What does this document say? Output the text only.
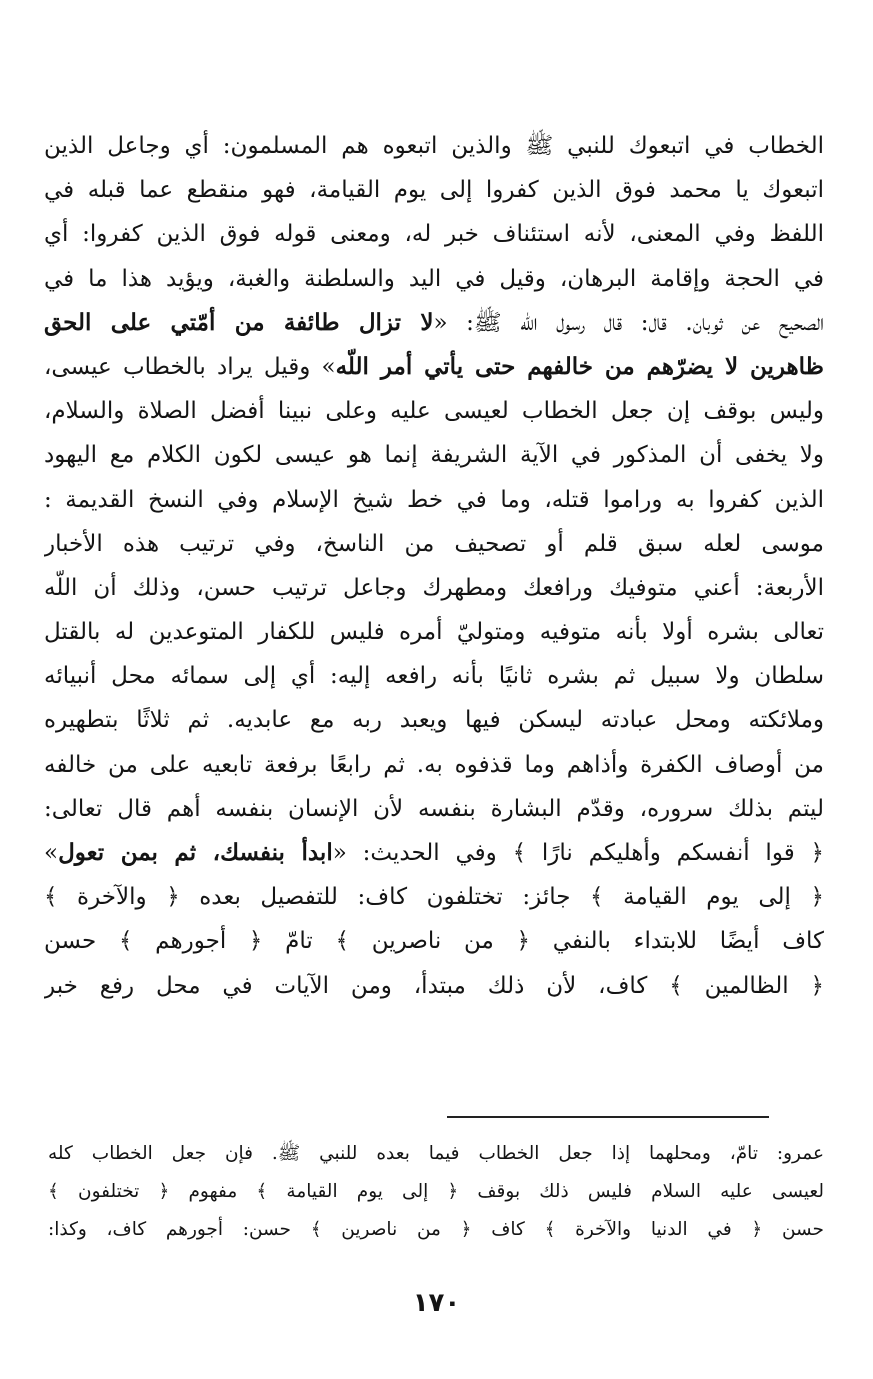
الخطاب في اتبعوك للنبي ﷺ والذين اتبعوه هم المسلمون: أي وجاعل الذين
اتبعوك يا محمد فوق الذين كفروا إلى يوم القيامة، فهو منقطع عما قبله في
اللفظ وفي المعنى، لأنه استئناف خبر له، ومعنى قوله فوق الذين كفروا: أي
في الحجة وإقامة البرهان، وقيل في اليد والسلطنة والغبة، ويؤيد هذا ما في
الصحيح عن ثوبان. قال: قال رسول اللّه ﷺ: «لا تزال طائفة من أمّتي على الحق
ظاهرين لا يضرّهم من خالفهم حتى يأتي أمر اللّه» وقيل يراد بالخطاب عيسى،
وليس بوقف إن جعل الخطاب لعيسى عليه وعلى نبينا أفضل الصلاة والسلام،
ولا يخفى أن المذكور في الآية الشريفة إنما هو عيسى لكون الكلام مع اليهود
الذين كفروا به وراموا قتله، وما في خط شيخ الإسلام وفي النسخ القديمة :
موسى لعله سبق قلم أو تصحيف من الناسخ، وفي ترتيب هذه الأخبار
الأربعة: أعني متوفيك ورافعك ومطهرك وجاعل ترتيب حسن، وذلك أن اللّه
تعالى بشره أولا بأنه متوفيه ومتوليّ أمره فليس للكفار المتوعدين له بالقتل
سلطان ولا سبيل ثم بشره ثانيًا بأنه رافعه إليه: أي إلى سمائه محل أنبيائه
وملائكته ومحل عبادته ليسكن فيها ويعبد ربه مع عابديه. ثم ثلاثًا بتطهيره
من أوصاف الكفرة وأذاهم وما قذفوه به. ثم رابعًا برفعة تابعيه على من خالفه
ليتم بذلك سروره، وقدّم البشارة بنفسه لأن الإنسان بنفسه أهم قال تعالى:
﴿ قوا أنفسكم وأهليكم نارًا ﴾ وفي الحديث: «ابدأ بنفسك، ثم بمن تعول»
﴿ إلى يوم القيامة ﴾ جائز: تختلفون كاف: للتفصيل بعده ﴿ والآخرة ﴾
كاف أيضًا للابتداء بالنفي ﴿ من ناصرين ﴾ تامّ ﴿ أجورهم ﴾ حسن
﴿ الظالمين ﴾ كاف، لأن ذلك مبتدأ، ومن الآيات في محل رفع خبر
عمرو: تامّ، ومحلهما إذا جعل الخطاب فيما بعده للنبي ﷺ. فإن جعل الخطاب كله
لعيسى عليه السلام فليس ذلك بوقف ﴿ إلى يوم القيامة ﴾ مفهوم ﴿ تختلفون ﴾
حسن ﴿ في الدنيا والآخرة ﴾ كاف ﴿ من ناصرين ﴾ حسن: أجورهم كاف، وكذا:
١٧٠
